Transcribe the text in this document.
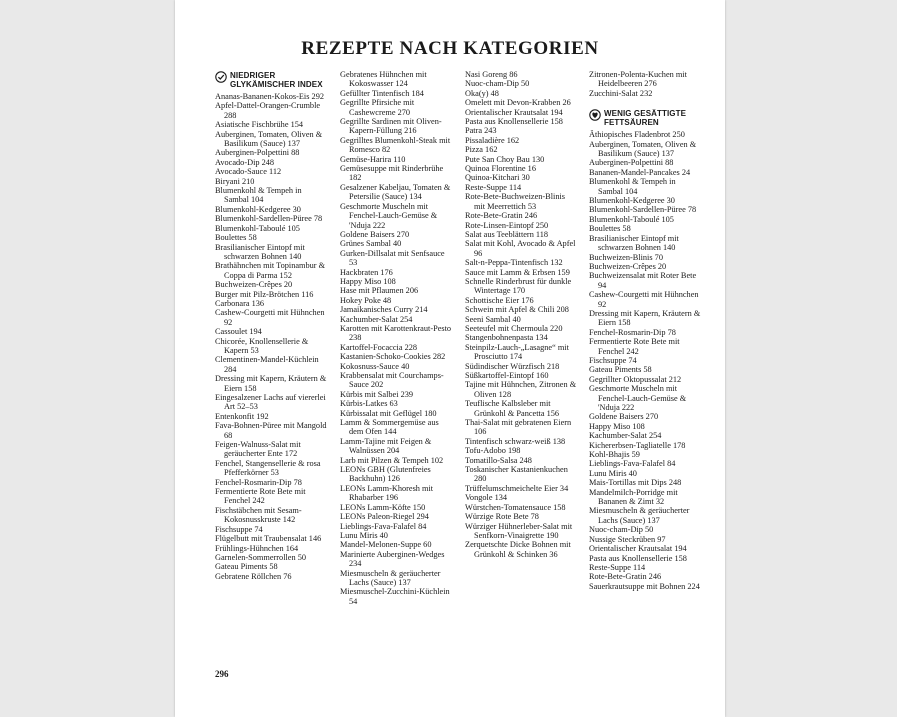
REZEPTE NACH KATEGORIEN
NIEDRIGER
GLYKÄMISCHER INDEX
Ananas-Bananen-Kokos-Eis 292
Apfel-Dattel-Orangen-Crumble 288
Asiatische Fischbrühe 154
Auberginen, Tomaten, Oliven & Basilikum (Sauce) 137
Auberginen-Polpettini 88
Avocado-Dip 248
Avocado-Sauce 112
Biryani 210
Blumenkohl & Tempeh in Sambal 104
Blumenkohl-Kedgeree 30
Blumenkohl-Sardellen-Püree 78
Blumenkohl-Taboulé 105
Boulettes 58
Brasilianischer Eintopf mit schwarzen Bohnen 140
Brathähnchen mit Topinambur & Coppa di Parma 152
Buchweizen-Crêpes 20
Burger mit Pilz-Brötchen 116
Carbonara 136
Cashew-Courgetti mit Hühnchen 92
Cassoulet 194
Chicorée, Knollensellerie & Kapern 53
Clementinen-Mandel-Küchlein 284
Dressing mit Kapern, Kräutern & Eiern 158
Eingesalzener Lachs auf viererlei Art 52–53
Entenkonfit 192
Fava-Bohnen-Püree mit Mangold 68
Feigen-Walnuss-Salat mit geräucherter Ente 172
Fenchel, Stangensellerie & rosa Pfefferkörner 53
Fenchel-Rosmarin-Dip 78
Fermentierte Rote Bete mit Fenchel 242
Fischstäbchen mit Sesam-Kokosnusskruste 142
Fischsuppe 74
Flügelbutt mit Traubensalat 146
Frühlings-Hühnchen 164
Garnelen-Sommerrollen 50
Gateau Piments 58
Gebratene Röllchen 76
Gebratenes Hühnchen mit Kokoswasser 124
Gefüllter Tintenfisch 184
Gegrillte Pfirsiche mit Cashewcreme 270
Gegrillte Sardinen mit Oliven-Kapern-Füllung 216
Gegrilltes Blumenkohl-Steak mit Romesco 82
Gemüse-Harira 110
Gemüsesuppe mit Rinderbrühe 182
Gesalzener Kabeljau, Tomaten & Petersilie (Sauce) 134
Geschmorte Muscheln mit Fenchel-Lauch-Gemüse & 'Nduja 222
Goldene Baisers 270
Grünes Sambal 40
Gurken-Dillsalat mit Senfsauce 53
Hackbraten 176
Happy Miso 108
Hase mit Pflaumen 206
Hokey Poke 48
Jamaikanisches Curry 214
Kachumber-Salat 254
Karotten mit Karottenkraut-Pesto 238
Kartoffel-Focaccia 228
Kastanien-Schoko-Cookies 282
Kokosnuss-Sauce 40
Krabbensalat mit Courchamps-Sauce 202
Kürbis mit Salbei 239
Kürbis-Latkes 63
Kürbissalat mit Geflügel 180
Lamm & Sommergemüse aus dem Ofen 144
Lamm-Tajine mit Feigen & Walnüssen 204
Larb mit Pilzen & Tempeh 102
LEONs GBH (Glutenfreies Backhuhn) 126
LEONs Lamm-Khoresh mit Rhabarber 196
LEONs Lamm-Köfte 150
LEONs Paleon-Riegel 294
Lieblings-Fava-Falafel 84
Lunu Miris 40
Mandel-Melonen-Suppe 60
Marinierte Auberginen-Wedges 234
Miesmuscheln & geräucherter Lachs (Sauce) 137
Miesmuschel-Zucchini-Küchlein 54
Nasi Goreng 86
Nuoc-cham-Dip 50
Oka(y) 48
Omelett mit Devon-Krabben 26
Orientalischer Krautsalat 194
Pasta aus Knollensellerie 158
Patra 243
Pissaladière 162
Pizza 162
Pute San Choy Bau 130
Quinoa Florentine 16
Quinoa-Kitchari 30
Reste-Suppe 114
Rote-Bete-Buchweizen-Blinis mit Meerrettich 53
Rote-Bete-Gratin 246
Rote-Linsen-Eintopf 250
Salat aus Teeblättern 118
Salat mit Kohl, Avocado & Apfel 96
Salt-n-Peppa-Tintenfisch 132
Sauce mit Lamm & Erbsen 159
Schnelle Rinderbrust für dunkle Wintertage 170
Schottische Eier 176
Schwein mit Apfel & Chili 208
Seeni Sambal 40
Seeteufel mit Chermoula 220
Stangenbohnenpasta 134
Steinpilz-Lauch-„Lasagne“ mit Prosciutto 174
Südindischer Würzfisch 218
Süßkartoffel-Eintopf 160
Tajine mit Hühnchen, Zitronen & Oliven 128
Teuflische Kalbsleber mit Grünkohl & Pancetta 156
Thai-Salat mit gebratenen Eiern 106
Tintenfisch schwarz-weiß 138
Tofu-Adobo 198
Tomatillo-Salsa 248
Toskanischer Kastanienkuchen 280
Trüffelumschmeichelte Eier 34
Vongole 134
Würstchen-Tomatensauce 158
Würzige Rote Bete 78
Würziger Hühnerleber-Salat mit Senfkorn-Vinaigrette 190
Zerquetschte Dicke Bohnen mit Grünkohl & Schinken 36
Zitronen-Polenta-Kuchen mit Heidelbeeren 276
Zucchini-Salat 232
WENIG GESÄTTIGTE
FETTSÄUREN
Äthiopisches Fladenbrot 250
Auberginen, Tomaten, Oliven & Basilikum (Sauce) 137
Auberginen-Polpettini 88
Bananen-Mandel-Pancakes 24
Blumenkohl & Tempeh in Sambal 104
Blumenkohl-Kedgeree 30
Blumenkohl-Sardellen-Püree 78
Blumenkohl-Taboulé 105
Boulettes 58
Brasilianischer Eintopf mit schwarzen Bohnen 140
Buchweizen-Blinis 70
Buchweizen-Crêpes 20
Buchweizensalat mit Roter Bete 94
Cashew-Courgetti mit Hühnchen 92
Dressing mit Kapern, Kräutern & Eiern 158
Fenchel-Rosmarin-Dip 78
Fermentierte Rote Bete mit Fenchel 242
Fischsuppe 74
Gateau Piments 58
Gegrillter Oktopussalat 212
Geschmorte Muscheln mit Fenchel-Lauch-Gemüse & 'Nduja 222
Goldene Baisers 270
Happy Miso 108
Kachumber-Salat 254
Kichererbsen-Tagliatelle 178
Kohl-Bhajis 59
Lieblings-Fava-Falafel 84
Lunu Miris 40
Mais-Tortillas mit Dips 248
Mandelmilch-Porridge mit Bananen & Zimt 32
Miesmuscheln & geräucherter Lachs (Sauce) 137
Nuoc-cham-Dip 50
Nussige Steckrüben 97
Orientalischer Krautsalat 194
Pasta aus Knollensellerie 158
Reste-Suppe 114
Rote-Bete-Gratin 246
Sauerkrautsuppe mit Bohnen 224
296
